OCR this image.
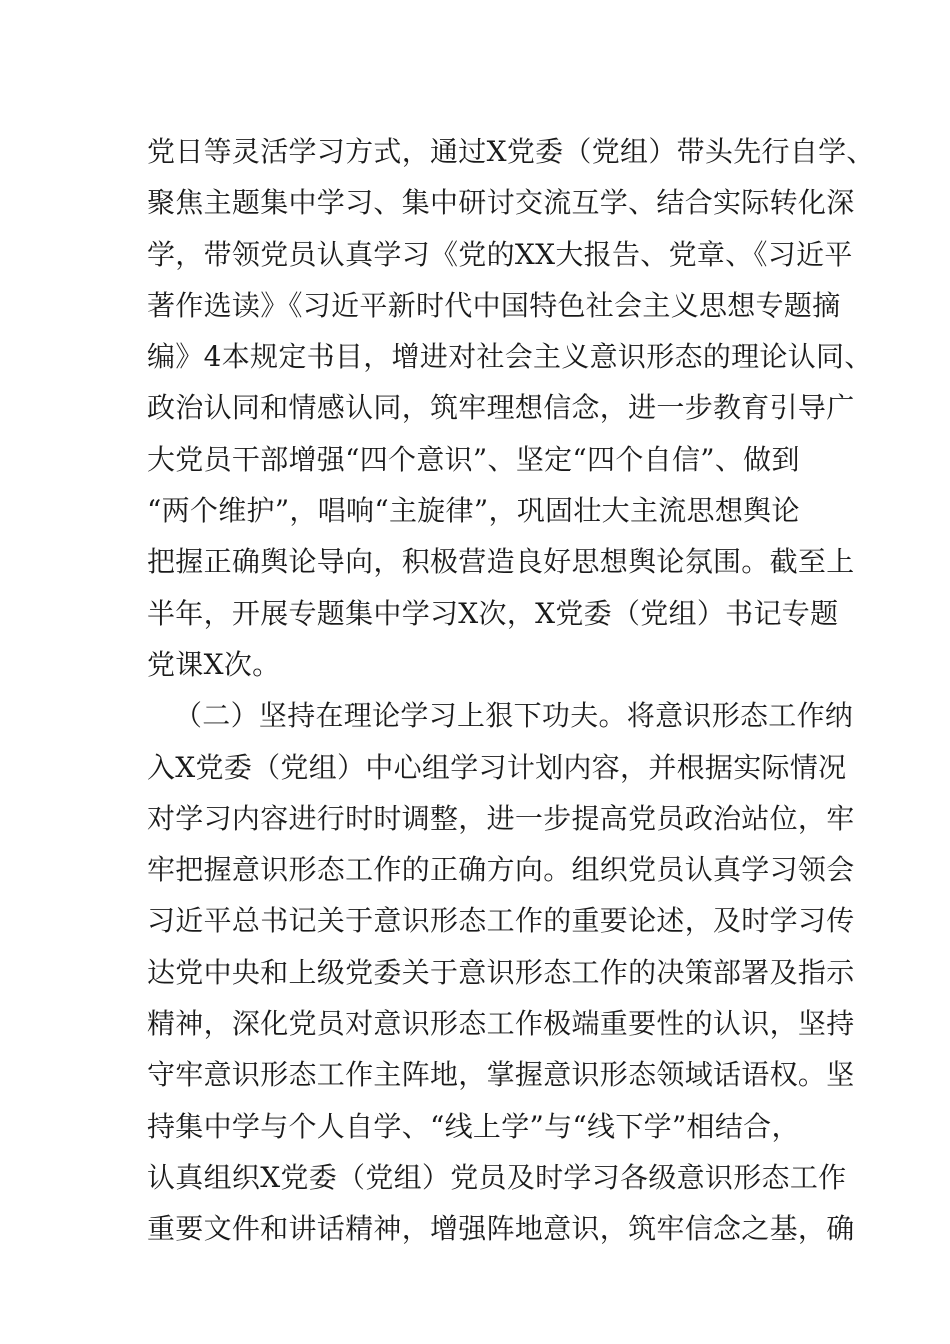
党日等灵活学习方式，通过X党委（党组）带头先行自学、
聚焦主题集中学习、集中研讨交流互学、结合实际转化深
学，带领党员认真学习《党的XX大报告、党章、《习近平
著作选读》《习近平新时代中国特色社会主义思想专题摘
编》4本规定书目，增进对社会主义意识形态的理论认同、
政治认同和情感认同，筑牢理想信念，进一步教育引导广
大党员干部增强“四个意识”、坚定“四个自信”、做到
“两个维护”，唱响“主旋律”，巩固壮大主流思想舆论
把握正确舆论导向，积极营造良好思想舆论氛围。截至上
半年，开展专题集中学习X次，X党委（党组）书记专题
党课X次。
（二）坚持在理论学习上狠下功夫。将意识形态工作纳
入X党委（党组）中心组学习计划内容，并根据实际情况
对学习内容进行时时调整，进一步提高党员政治站位，牢
牢把握意识形态工作的正确方向。组织党员认真学习领会
习近平总书记关于意识形态工作的重要论述，及时学习传
达党中央和上级党委关于意识形态工作的决策部署及指示
精神，深化党员对意识形态工作极端重要性的认识，坚持
守牢意识形态工作主阵地，掌握意识形态领域话语权。坚
持集中学与个人自学、“线上学”与“线下学”相结合，
认真组织X党委（党组）党员及时学习各级意识形态工作
重要文件和讲话精神，增强阵地意识，筑牢信念之基，确
